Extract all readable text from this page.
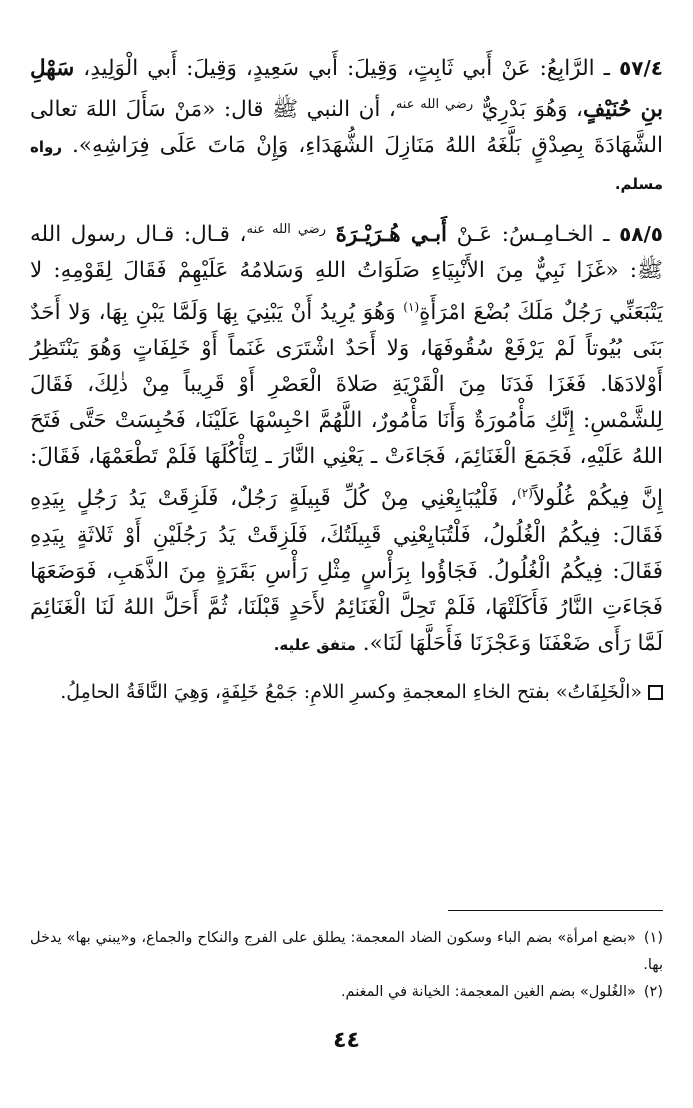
٥٧/٤ ـ الرَّابِعُ: عَنْ أَبي ثَابِتٍ، وَقِيلَ: أَبي سَعِيدٍ، وَقِيلَ: أَبي الْوَلِيدِ، سَهْلِ بنِ حُنَيْفٍ، وَهُوَ بَدْرِيٌّ $^{رضي الله عنه}$، أن النبي ﷺ قال: «مَنْ سَأَلَ اللهَ تعالى الشَّهَادَةَ بِصِدْقٍ بَلَّغَهُ اللهُ مَنَازِلَ الشُّهَدَاءِ، وَإِنْ مَاتَ عَلَى فِرَاشِهِ». رواه مسلم.

٥٨/٥ ـ الخـامِـسُ: عَـنْ أَبـي هُـرَيْـرَةَ $^{رضي الله عنه}$، قـال: قـال رسول الله ﷺ: «غَزَا نَبِيٌّ مِنَ الأَنْبِيَاءِ صَلَوَاتُ اللهِ وَسَلامُهُ عَلَيْهِمْ فَقَالَ لِقَوْمِهِ: لا يَتْبَعَنِّي رَجُلٌ مَلَكَ بُضْعَ امْرَأَةٍ$^{(١)}$ وَهُوَ يُرِيدُ أَنْ يَبْنِيَ بِهَا وَلَمَّا يَبْنِ بِهَا، وَلا أَحَدٌ بَنَى بُيُوتاً لَمْ يَرْفَعْ سُقُوفَهَا، وَلا أَحَدٌ اشْتَرَى غَنَماً أَوْ خَلِفَاتٍ وَهُوَ يَنْتَظِرُ أَوْلادَهَا. فَغَزَا فَدَنَا مِنَ الْقَرْيَةِ صَلاةَ الْعَصْرِ أَوْ قَرِيباً مِنْ ذٰلِكَ، فَقَالَ لِلشَّمْسِ: إِنَّكِ مَأْمُورَةٌ وَأَنَا مَأْمُورٌ، اللَّهُمَّ احْبِسْهَا عَلَيْنَا، فَحُبِسَتْ حَتَّى فَتَحَ اللهُ عَلَيْهِ، فَجَمَعَ الْغَنَائِمَ، فَجَاءَتْ ـ يَعْنِي النَّارَ ـ لِتَأْكُلَهَا فَلَمْ تَطْعَمْهَا، فَقَالَ: إِنَّ فِيكُمْ غُلُولاً$^{(٢)}$، فَلْيُبَايِعْنِي مِنْ كُلِّ قَبِيلَةٍ رَجُلٌ، فَلَزِقَتْ يَدُ رَجُلٍ بِيَدِهِ فَقَالَ: فِيكُمُ الْغُلُولُ، فَلْتُبَايِعْنِي قَبِيلَتُكَ، فَلَزِقَتْ يَدُ رَجُلَيْنِ أَوْ ثَلاثَةٍ بِيَدِهِ فَقَالَ: فِيكُمُ الْغُلُولُ. فَجَاؤُوا بِرَأْسٍ مِثْلِ رَأْسِ بَقَرَةٍ مِنَ الذَّهَبِ، فَوَضَعَهَا فَجَاءَتِ النَّارُ فَأَكَلَتْهَا، فَلَمْ تَحِلَّ الْغَنَائِمُ لأَحَدٍ قَبْلَنَا، ثُمَّ أَحَلَّ اللهُ لَنَا الْغَنَائِمَ لَمَّا رَأَى ضَعْفَنَا وَعَجْزَنَا فَأَحَلَّهَا لَنَا». متفق عليه.

«الْخَلِفَاتُ» بفتح الخاءِ المعجمةِ وكسرِ اللامِ: جَمْعُ خَلِفَةٍ، وَهِيَ النَّاقَةُ الحامِلُ.

(١)«بضع امرأة» بضم الباء وسكون الضاد المعجمة: يطلق على الفرج والنكاح والجماع، و«يبني بها» يدخل بها.

(٢)«الغُلول» بضم الغين المعجمة: الخيانة في المغنم.

٤٤
